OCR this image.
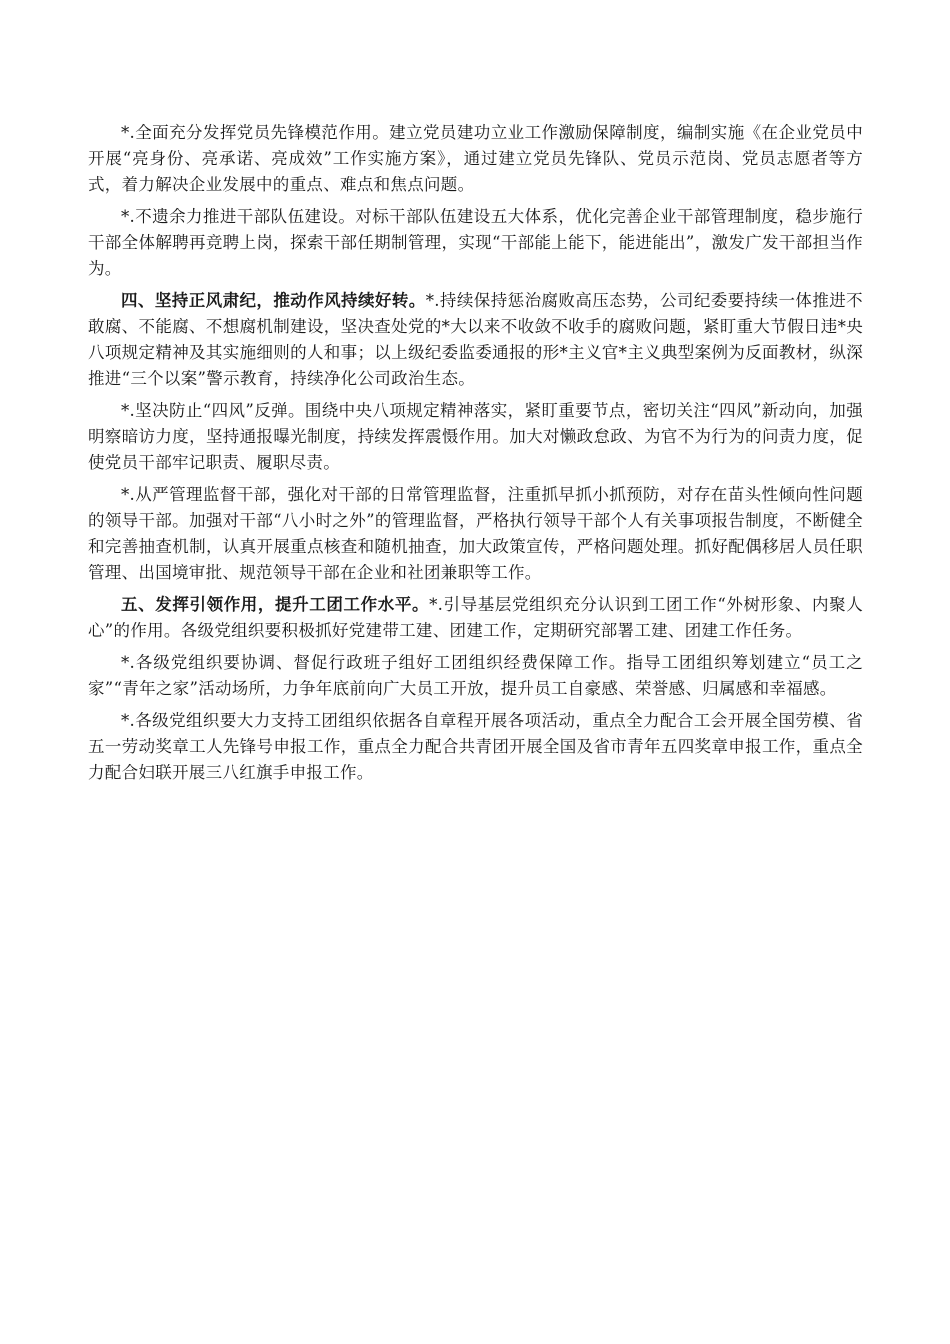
*.全面充分发挥党员先锋模范作用。建立党员建功立业工作激励保障制度，编制实施《在企业党员中开展“亮身份、亮承诺、亮成效”工作实施方案》，通过建立党员先锋队、党员示范岗、党员志愿者等方式，着力解决企业发展中的重点、难点和焦点问题。

*.不遗余力推进干部队伍建设。对标干部队伍建设五大体系，优化完善企业干部管理制度，稳步施行干部全体解聘再竞聘上岗，探索干部任期制管理，实现“干部能上能下，能进能出”，激发广发干部担当作为。

四、坚持正风肃纪，推动作风持续好转。*.持续保持惩治腐败高压态势，公司纪委要持续一体推进不敢腐、不能腐、不想腐机制建设，坚决查处党的*大以来不收敛不收手的腐败问题，紧盯重大节假日违*央八项规定精神及其实施细则的人和事；以上级纪委监委通报的形*主义官*主义典型案例为反面教材，纵深推进“三个以案”警示教育，持续净化公司政治生态。

*.坚决防止“四风”反弹。围绕中央八项规定精神落实，紧盯重要节点，密切关注“四风”新动向，加强明察暗访力度，坚持通报曝光制度，持续发挥震慑作用。加大对懒政怠政、为官不为行为的问责力度，促使党员干部牢记职责、履职尽责。

*.从严管理监督干部，强化对干部的日常管理监督，注重抓早抓小抓预防，对存在苗头性倾向性问题的领导干部。加强对干部“八小时之外”的管理监督，严格执行领导干部个人有关事项报告制度，不断健全和完善抽查机制，认真开展重点核查和随机抽查，加大政策宣传，严格问题处理。抓好配偶移居人员任职管理、出国境审批、规范领导干部在企业和社团兼职等工作。

五、发挥引领作用，提升工团工作水平。*.引导基层党组织充分认识到工团工作“外树形象、内聚人心”的作用。各级党组织要积极抓好党建带工建、团建工作，定期研究部署工建、团建工作任务。

*.各级党组织要协调、督促行政班子组好工团组织经费保障工作。指导工团组织筹划建立“员工之家”“青年之家”活动场所，力争年底前向广大员工开放，提升员工自豪感、荣誉感、归属感和幸福感。

*.各级党组织要大力支持工团组织依据各自章程开展各项活动，重点全力配合工会开展全国劳模、省五一劳动奖章工人先锋号申报工作，重点全力配合共青团开展全国及省市青年五四奖章申报工作，重点全力配合妇联开展三八红旗手申报工作。
